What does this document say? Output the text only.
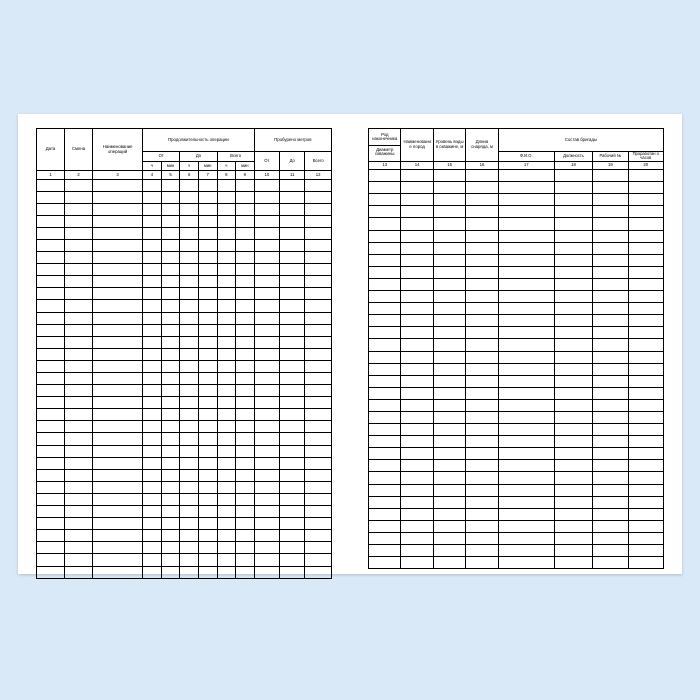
Дата	Смена	Наименование операций	Продолжительность операции						Пробурено метров		

			От		До		Всего		От	До	Всего

			ч	мин	ч	мин	ч	мин			

1	2	3	4	5	6	7	8	9	10	11	12

Род наконечника
Диаметр скважины	Наименование пород	Уровень воды в скважине, м	Длина снаряда, м	Состав бригады			

				Ф.И.О.	Должность	Рабочий №	Проработан о часов

13	14	15	16	17	18	19	20
